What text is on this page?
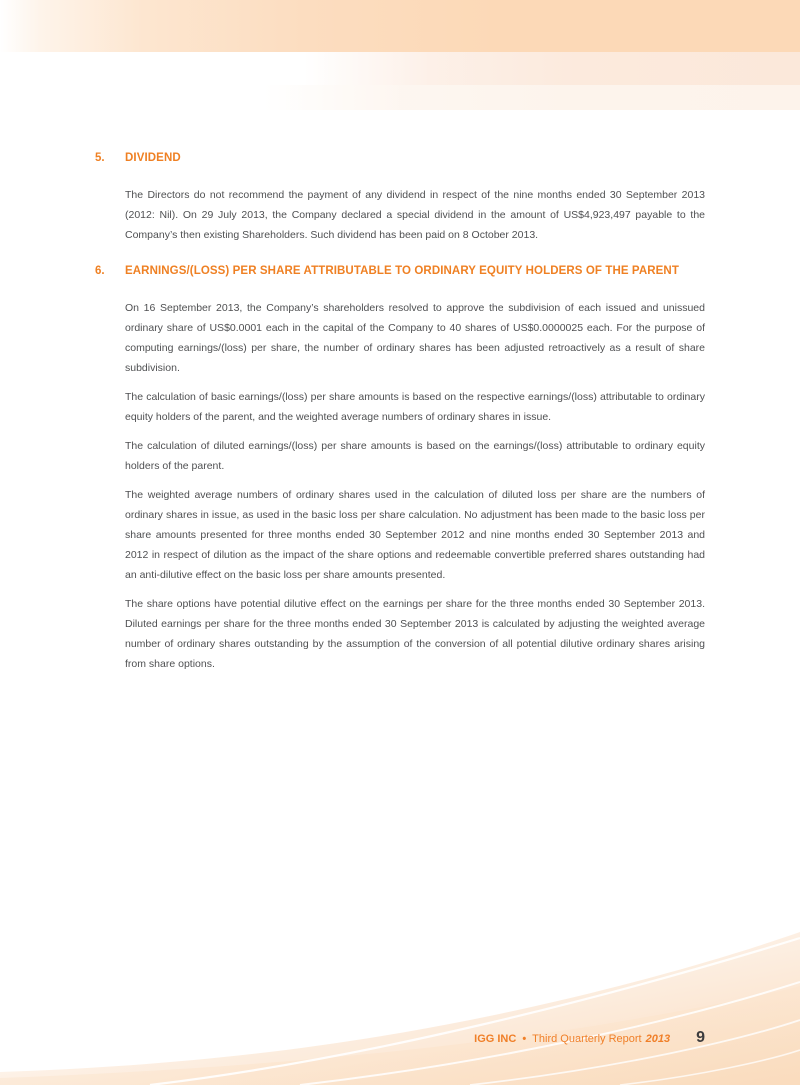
5.	DIVIDEND

The Directors do not recommend the payment of any dividend in respect of the nine months ended 30 September 2013 (2012: Nil). On 29 July 2013, the Company declared a special dividend in the amount of US$4,923,497 payable to the Company’s then existing Shareholders. Such dividend has been paid on 8 October 2013.

6.	EARNINGS/(LOSS) PER SHARE ATTRIBUTABLE TO ORDINARY EQUITY HOLDERS OF THE PARENT

On 16 September 2013, the Company’s shareholders resolved to approve the subdivision of each issued and unissued ordinary share of US$0.0001 each in the capital of the Company to 40 shares of US$0.0000025 each. For the purpose of computing earnings/(loss) per share, the number of ordinary shares has been adjusted retroactively as a result of share subdivision.

The calculation of basic earnings/(loss) per share amounts is based on the respective earnings/(loss) attributable to ordinary equity holders of the parent, and the weighted average numbers of ordinary shares in issue.

The calculation of diluted earnings/(loss) per share amounts is based on the earnings/(loss) attributable to ordinary equity holders of the parent.

The weighted average numbers of ordinary shares used in the calculation of diluted loss per share are the numbers of ordinary shares in issue, as used in the basic loss per share calculation. No adjustment has been made to the basic loss per share amounts presented for three months ended 30 September 2012 and nine months ended 30 September 2013 and 2012 in respect of dilution as the impact of the share options and redeemable convertible preferred shares outstanding had an anti-dilutive effect on the basic loss per share amounts presented.

The share options have potential dilutive effect on the earnings per share for the three months ended 30 September 2013. Diluted earnings per share for the three months ended 30 September 2013 is calculated by adjusting the weighted average number of ordinary shares outstanding by the assumption of the conversion of all potential dilutive ordinary shares arising from share options.

IGG INC • Third Quarterly Report 2013 9
